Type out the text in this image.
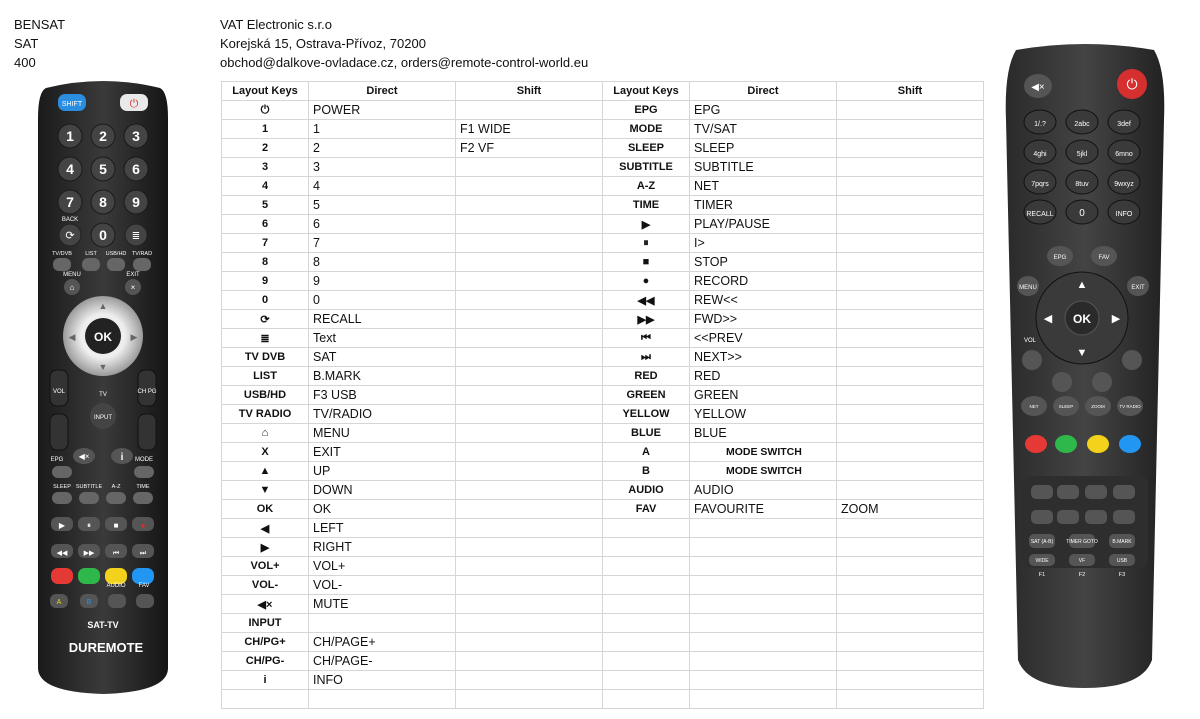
BENSAT
SAT
400
VAT Electronic s.r.o
Korejská 15, Ostrava-Přívoz, 70200
obchod@dalkove-ovladace.cz, orders@remote-control-world.eu
Layout Keys	Direct	Shift	Layout Keys	Direct	Shift
⏻	POWER		EPG	EPG	
1	1	F1 WIDE	MODE	TV/SAT	
2	2	F2 VF	SLEEP	SLEEP	
3	3		SUBTITLE	SUBTITLE	
4	4		A-Z	NET	
5	5		TIME	TIMER	
6	6		▶	PLAY/PAUSE	
7	7		⏸	I>	
8	8		■	STOP	
9	9		●	RECORD	
0	0		◀◀	REW<<	
⟳	RECALL		▶▶	FWD>>	
≣	Text		⏮	<<PREV	
TV DVB	SAT		⏭	NEXT>>	
LIST	B.MARK		RED	RED	
USB/HD	F3 USB		GREEN	GREEN	
TV RADIO	TV/RADIO		YELLOW	YELLOW	
⌂	MENU		BLUE	BLUE	
X	EXIT		A	MODE SWITCH	
▲	UP		B	MODE SWITCH	
▼	DOWN		AUDIO	AUDIO	
OK	OK		FAV	FAVOURITE	ZOOM
◀	LEFT				
▶	RIGHT				
VOL+	VOL+				
VOL-	VOL-				
◀×	MUTE				
INPUT					
CH/PG+	CH/PAGE+				
CH/PG-	CH/PAGE-				
i	INFO				

SHIFT	⏻
1 2 3
4 5 6
7 8 9
0
BACK
⟳	≣
TV/DVB LIST USB/HD TV/RAD
MENU
⌂
EXIT
×
OK
▲
▼
◀	▶
VOL	CH PG
TV
INPUT
EPG	MODE
◀×	i
SLEEP SUBTITLE A-Z	TIME
▶
◀◀
⏸
▶▶
■
⏮
●
⏭
AUDIO FAV
A	B
SAT-TV
DUREMOTE
◀×	⏻
1/.?	2abc	3def
4ghi	5jkl	6mno
7pqrs	8tuv	9wxyz
RECALL	0	INFO
EPG	FAV
OK
▲
▼
◀	▶
MENU	EXIT
VOL
NET	SLEEP	ZOOM	TV RADIO
SAT (A-B)
WIDE
F1
TIMER GOTO
VF
F2
B.MARK
USB
F3
